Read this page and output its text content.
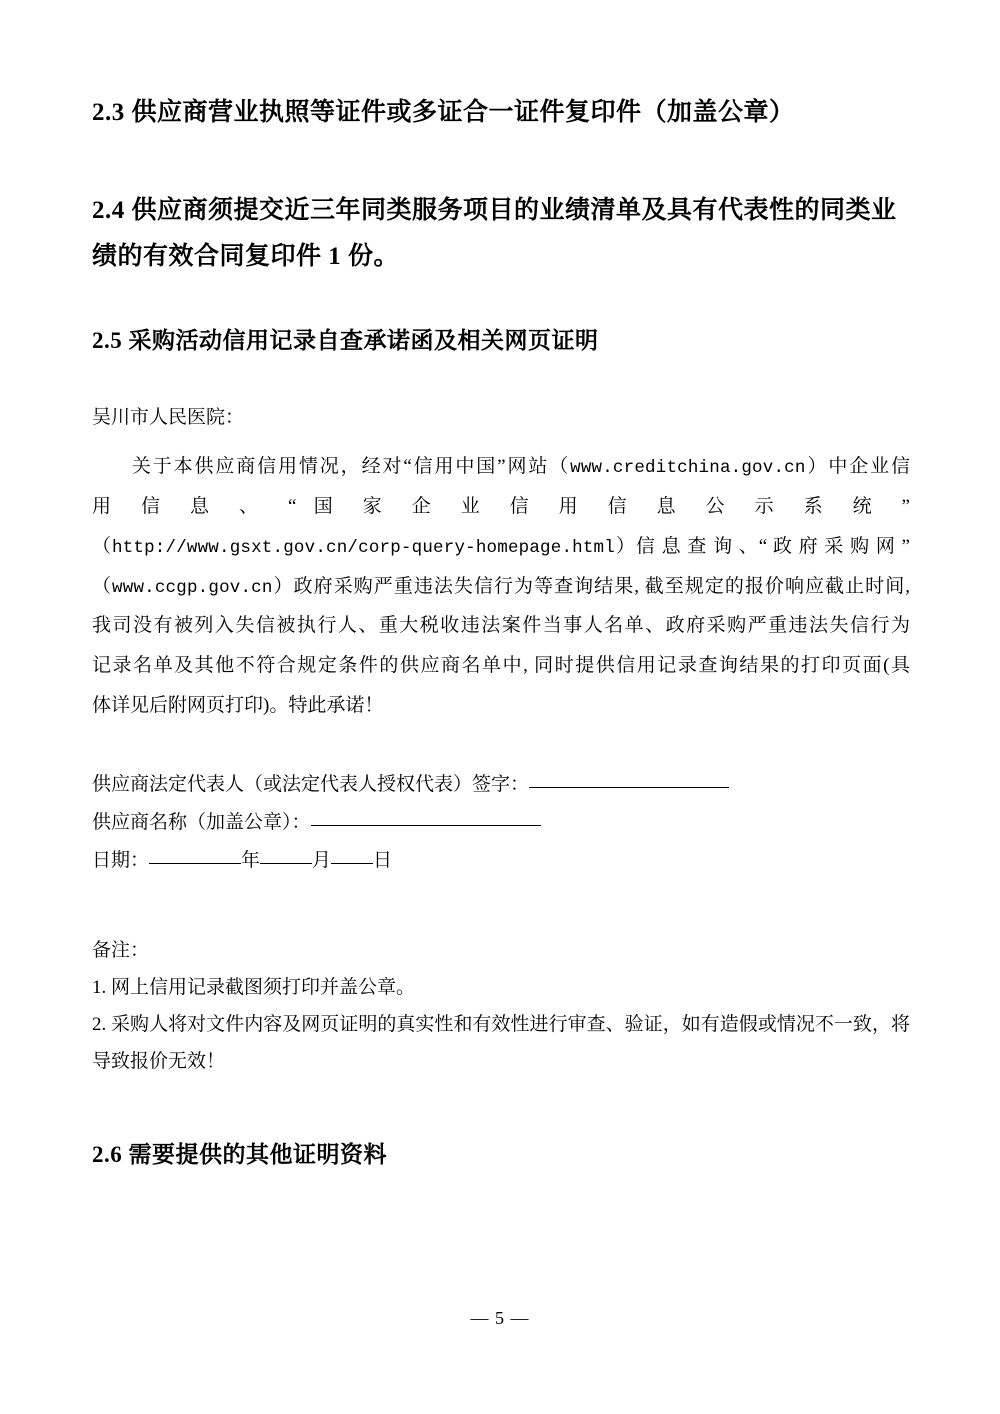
2.3 供应商营业执照等证件或多证合一证件复印件（加盖公章）
2.4 供应商须提交近三年同类服务项目的业绩清单及具有代表性的同类业绩的有效合同复印件 1 份。
2.5 采购活动信用记录自查承诺函及相关网页证明
吴川市人民医院：
关于本供应商信用情况，经对“信用中国”网站（www.creditchina.gov.cn）中企业信
用 信 息 、 “ 国 家 企 业 信 用 信 息 公 示 系 统 ”
（http://www.gsxt.gov.cn/corp-query-homepage.html）信 息 查 询 、“ 政 府 采 购 网 ”
（www.ccgp.gov.cn）政府采购严重违法失信行为等查询结果, 截至规定的报价响应截止时间,
我司没有被列入失信被执行人、重大税收违法案件当事人名单、政府采购严重违法失信行为
记录名单及其他不符合规定条件的供应商名单中, 同时提供信用记录查询结果的打印页面(具
体详见后附网页打印)。特此承诺！
供应商法定代表人（或法定代表人授权代表）签字：
供应商名称（加盖公章）：
日期：	年	月 日
备注：
1. 网上信用记录截图须打印并盖公章。
2. 采购人将对文件内容及网页证明的真实性和有效性进行审查、验证，如有造假或情况不一致，将导致报价无效！
2.6 需要提供的其他证明资料
— 5 —
